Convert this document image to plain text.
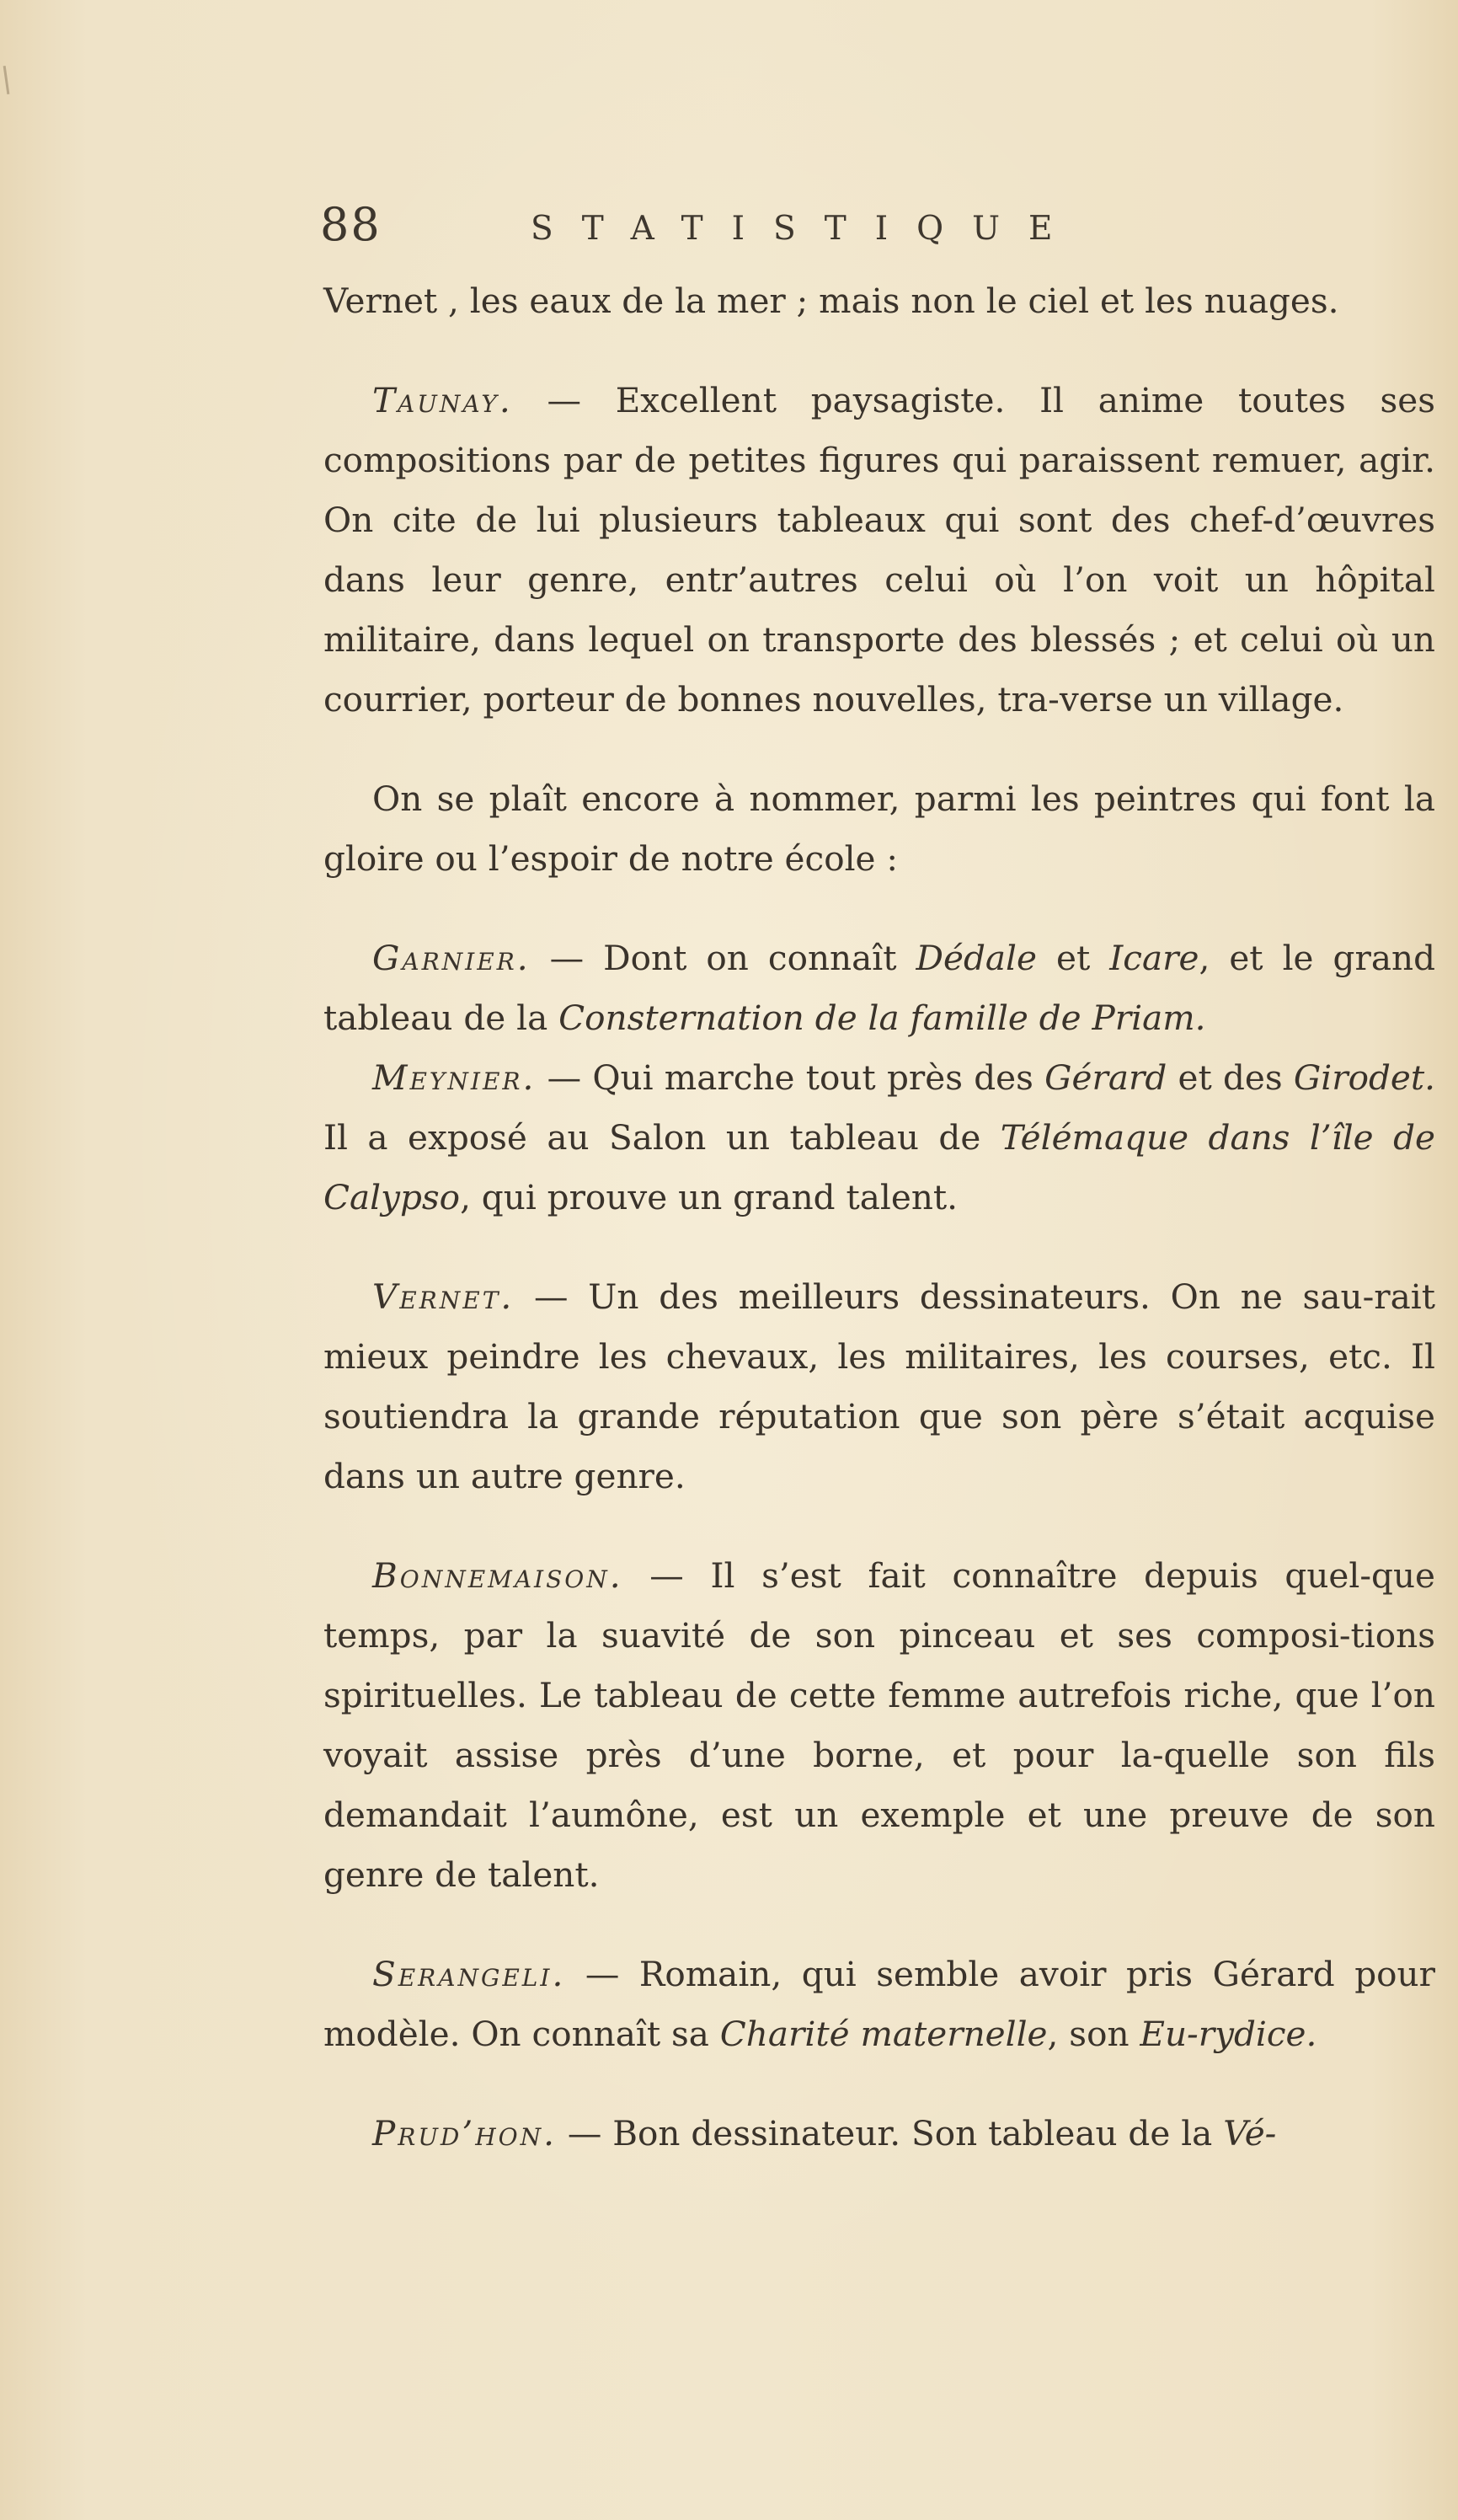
88	STATISTIQUE

Vernet , les eaux de la mer ; mais non le ciel et les nuages.

Taunay. — Excellent paysagiste. Il anime toutes ses compositions par de petites figures qui paraissent remuer, agir. On cite de lui plusieurs tableaux qui sont des chef-d’œuvres dans leur genre, entr’autres celui où l’on voit un hôpital militaire, dans lequel on transporte des blessés ; et celui où un courrier, porteur de bonnes nouvelles, tra-verse un village.

On se plaît encore à nommer, parmi les peintres qui font la gloire ou l’espoir de notre école :

Garnier. — Dont on connaît Dédale et Icare, et le grand tableau de la Consternation de la famille de Priam.

Meynier. — Qui marche tout près des Gérard et des Girodet. Il a exposé au Salon un tableau de Télémaque dans l’île de Calypso, qui prouve un grand talent.

Vernet. — Un des meilleurs dessinateurs. On ne sau-rait mieux peindre les chevaux, les militaires, les courses, etc. Il soutiendra la grande réputation que son père s’était acquise dans un autre genre.

Bonnemaison. — Il s’est fait connaître depuis quel-que temps, par la suavité de son pinceau et ses composi-tions spirituelles. Le tableau de cette femme autrefois riche, que l’on voyait assise près d’une borne, et pour la-quelle son fils demandait l’aumône, est un exemple et une preuve de son genre de talent.

Serangeli. — Romain, qui semble avoir pris Gérard pour modèle. On connaît sa Charité maternelle, son Eu-rydice.

Prud’hon. — Bon dessinateur. Son tableau de la Vé-
